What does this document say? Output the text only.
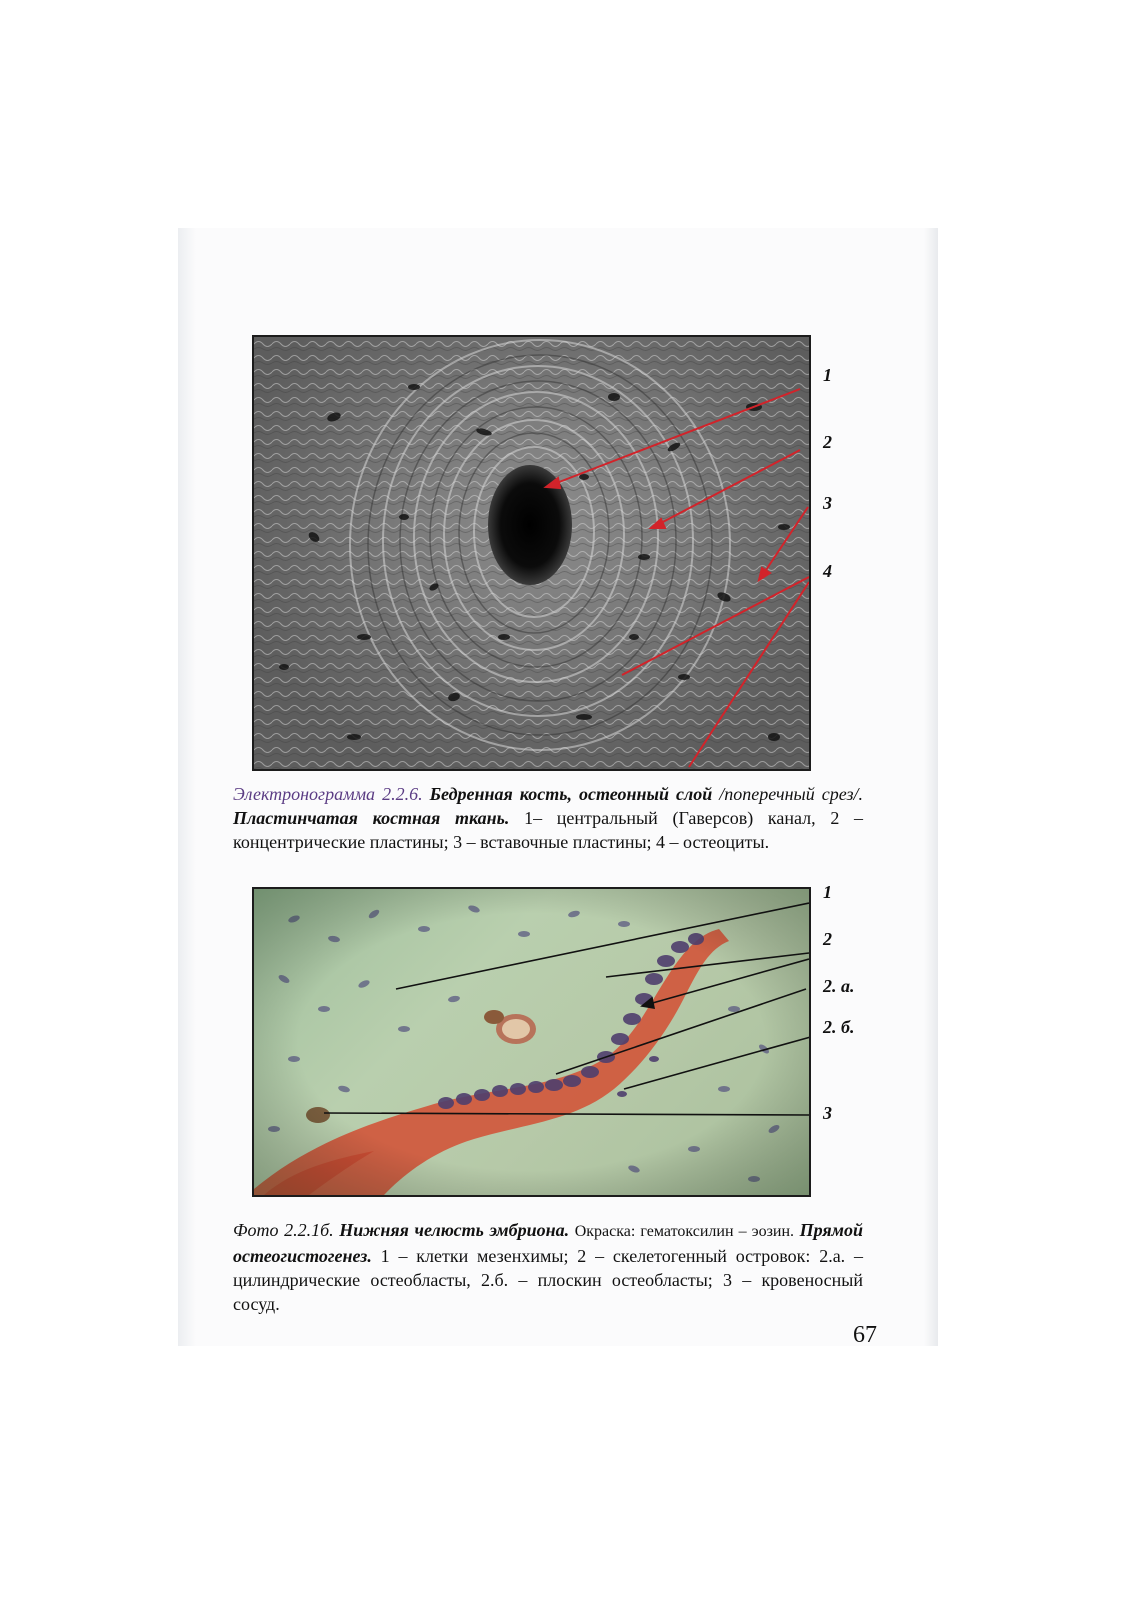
1
2
3
4
Электронограмма 2.2.6. Бедренная кость, остеонный слой /поперечный срез/. Пластинчатая костная ткань. 1– центральный (Гаверсов) канал, 2 – концентрические пластины; 3 – вставочные пластины; 4 – остеоциты.
1
2
2. а.
2. б.
3
Фото 2.2.1б. Нижняя челюсть эмбриона. Окраска: гематоксилин – эозин. Прямой остеогистогенез. 1 – клетки мезенхимы; 2 – скелетогенный островок: 2.а. – цилиндрические остеобласты, 2.б. – плоскин остеобласты; 3 – кровеносный сосуд.
67
